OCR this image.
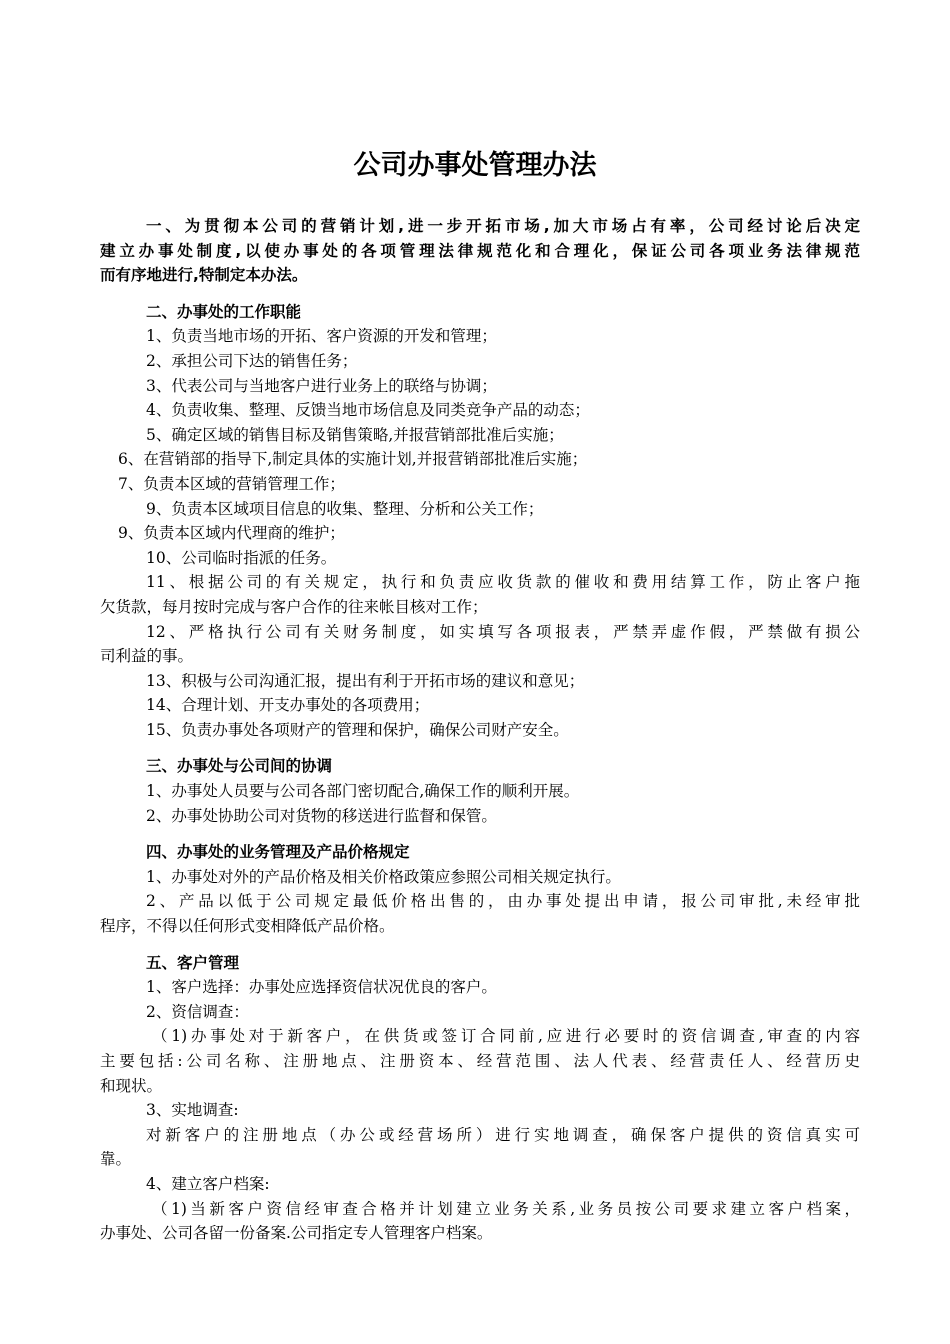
公司办事处管理办法
一、为贯彻本公司的营销计划,进一步开拓市场,加大市场占有率，公司经讨论后决定
建立办事处制度,以使办事处的各项管理法律规范化和合理化，保证公司各项业务法律规范
而有序地进行,特制定本办法。
二、办事处的工作职能
1、负责当地市场的开拓、客户资源的开发和管理；
2、承担公司下达的销售任务；
3、代表公司与当地客户进行业务上的联络与协调；
4、负责收集、整理、反馈当地市场信息及同类竞争产品的动态；
5、确定区域的销售目标及销售策略,并报营销部批准后实施；
6、在营销部的指导下,制定具体的实施计划,并报营销部批准后实施；
7、负责本区域的营销管理工作；
9、负责本区域项目信息的收集、整理、分析和公关工作；
9、负责本区域内代理商的维护；
10、公司临时指派的任务。
11、根据公司的有关规定，执行和负责应收货款的催收和费用结算工作，防止客户拖
欠货款，每月按时完成与客户合作的往来帐目核对工作；
12、严格执行公司有关财务制度，如实填写各项报表，严禁弄虚作假，严禁做有损公
司利益的事。
13、积极与公司沟通汇报，提出有利于开拓市场的建议和意见；
14、合理计划、开支办事处的各项费用；
15、负责办事处各项财产的管理和保护，确保公司财产安全。
三、办事处与公司间的协调
1、办事处人员要与公司各部门密切配合,确保工作的顺利开展。
2、办事处协助公司对货物的移送进行监督和保管。
四、办事处的业务管理及产品价格规定
1、办事处对外的产品价格及相关价格政策应参照公司相关规定执行。
2、产品以低于公司规定最低价格出售的，由办事处提出申请，报公司审批,未经审批
程序，不得以任何形式变相降低产品价格。
五、客户管理
1、客户选择：办事处应选择资信状况优良的客户。
2、资信调查：
（1)办事处对于新客户，在供货或签订合同前,应进行必要时的资信调查,审查的内容
主要包括:公司名称、注册地点、注册资本、经营范围、法人代表、经营责任人、经营历史
和现状。
3、实地调查:
对新客户的注册地点（办公或经营场所）进行实地调查，确保客户提供的资信真实可
靠。
4、建立客户档案:
（1)当新客户资信经审查合格并计划建立业务关系,业务员按公司要求建立客户档案，
办事处、公司各留一份备案.公司指定专人管理客户档案。
